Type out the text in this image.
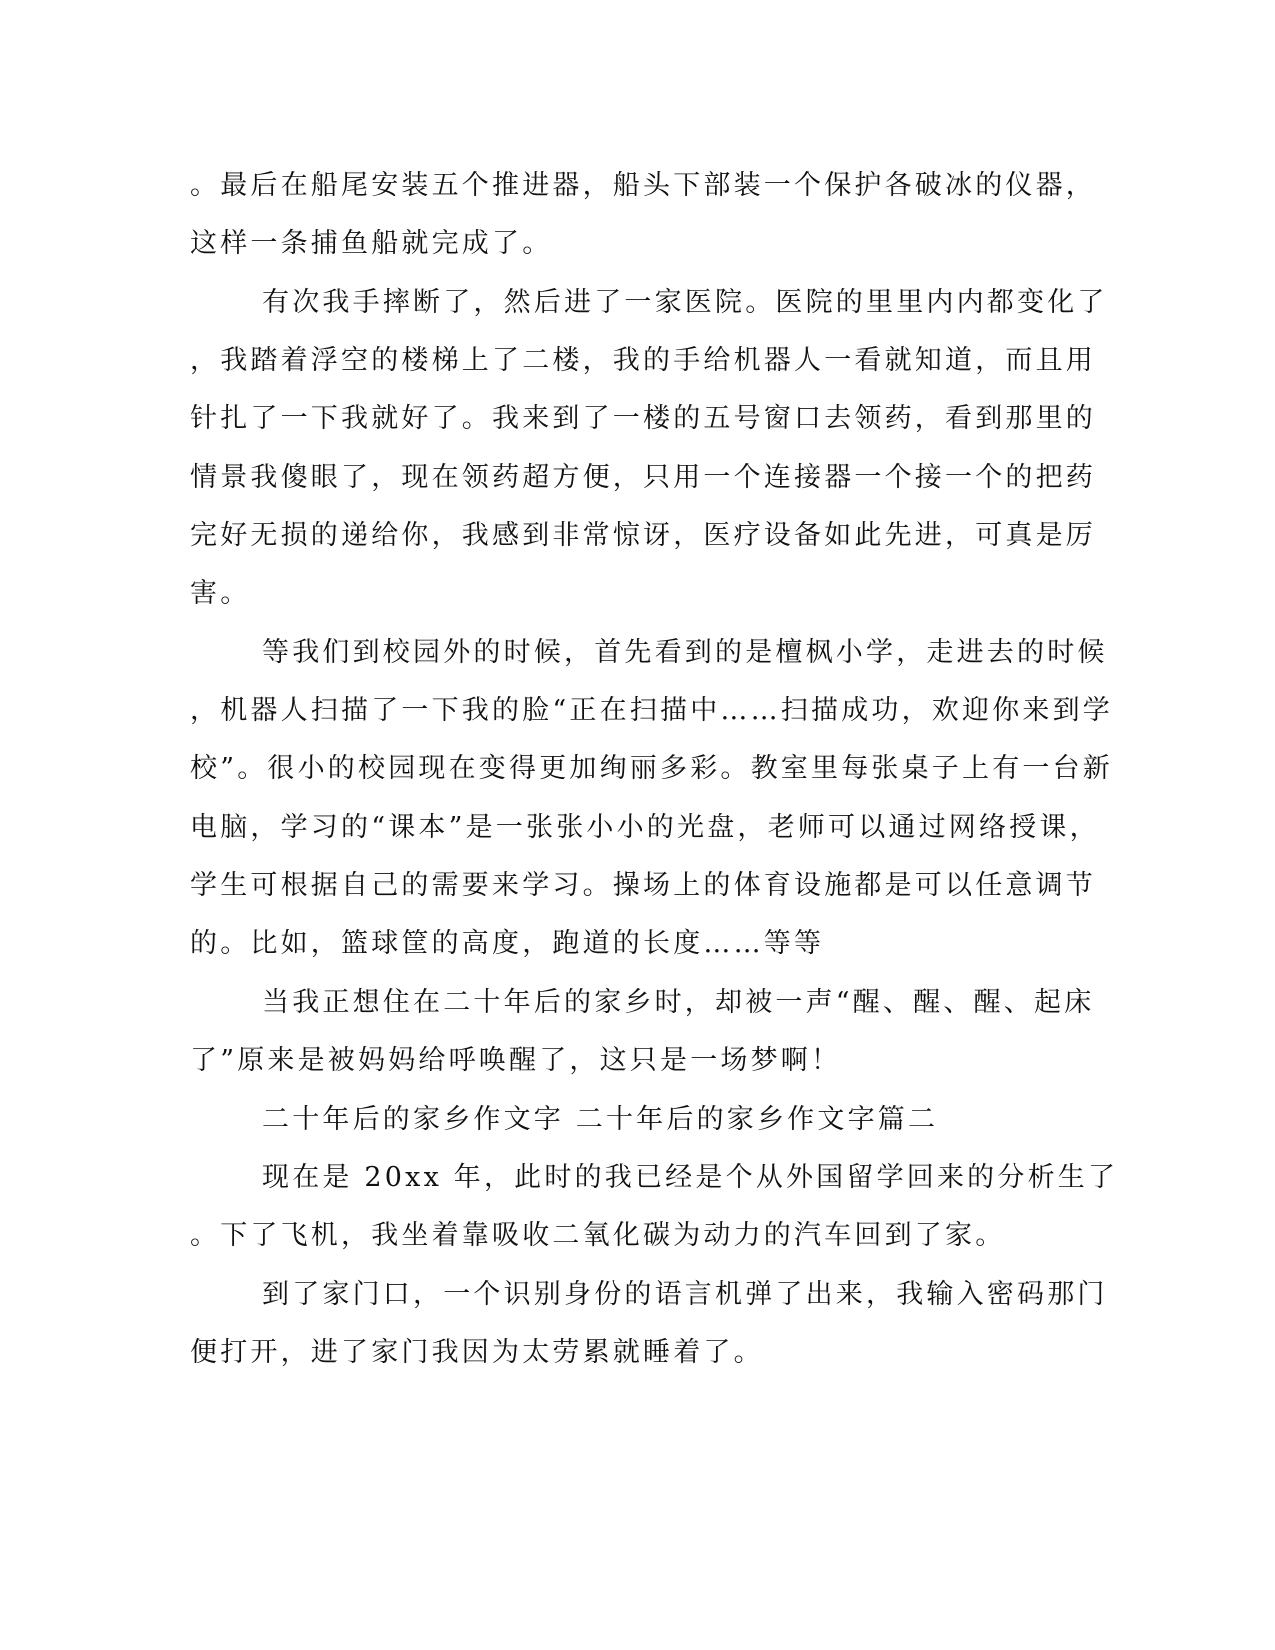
。最后在船尾安装五个推进器，船头下部装一个保护各破冰的仪器，
这样一条捕鱼船就完成了。
有次我手摔断了，然后进了一家医院。医院的里里内内都变化了
，我踏着浮空的楼梯上了二楼，我的手给机器人一看就知道，而且用
针扎了一下我就好了。我来到了一楼的五号窗口去领药，看到那里的
情景我傻眼了，现在领药超方便，只用一个连接器一个接一个的把药
完好无损的递给你，我感到非常惊讶，医疗设备如此先进，可真是厉
害。
等我们到校园外的时候，首先看到的是檀枫小学，走进去的时候
，机器人扫描了一下我的脸“正在扫描中……扫描成功，欢迎你来到学
校”。很小的校园现在变得更加绚丽多彩。教室里每张桌子上有一台新
电脑，学习的“课本”是一张张小小的光盘，老师可以通过网络授课，
学生可根据自己的需要来学习。操场上的体育设施都是可以任意调节
的。比如，篮球筐的高度，跑道的长度……等等
当我正想住在二十年后的家乡时，却被一声“醒、醒、醒、起床
了”原来是被妈妈给呼唤醒了，这只是一场梦啊！
二十年后的家乡作文字 二十年后的家乡作文字篇二
现在是 20xx 年，此时的我已经是个从外国留学回来的分析生了
。下了飞机，我坐着靠吸收二氧化碳为动力的汽车回到了家。
到了家门口，一个识别身份的语言机弹了出来，我输入密码那门
便打开，进了家门我因为太劳累就睡着了。
